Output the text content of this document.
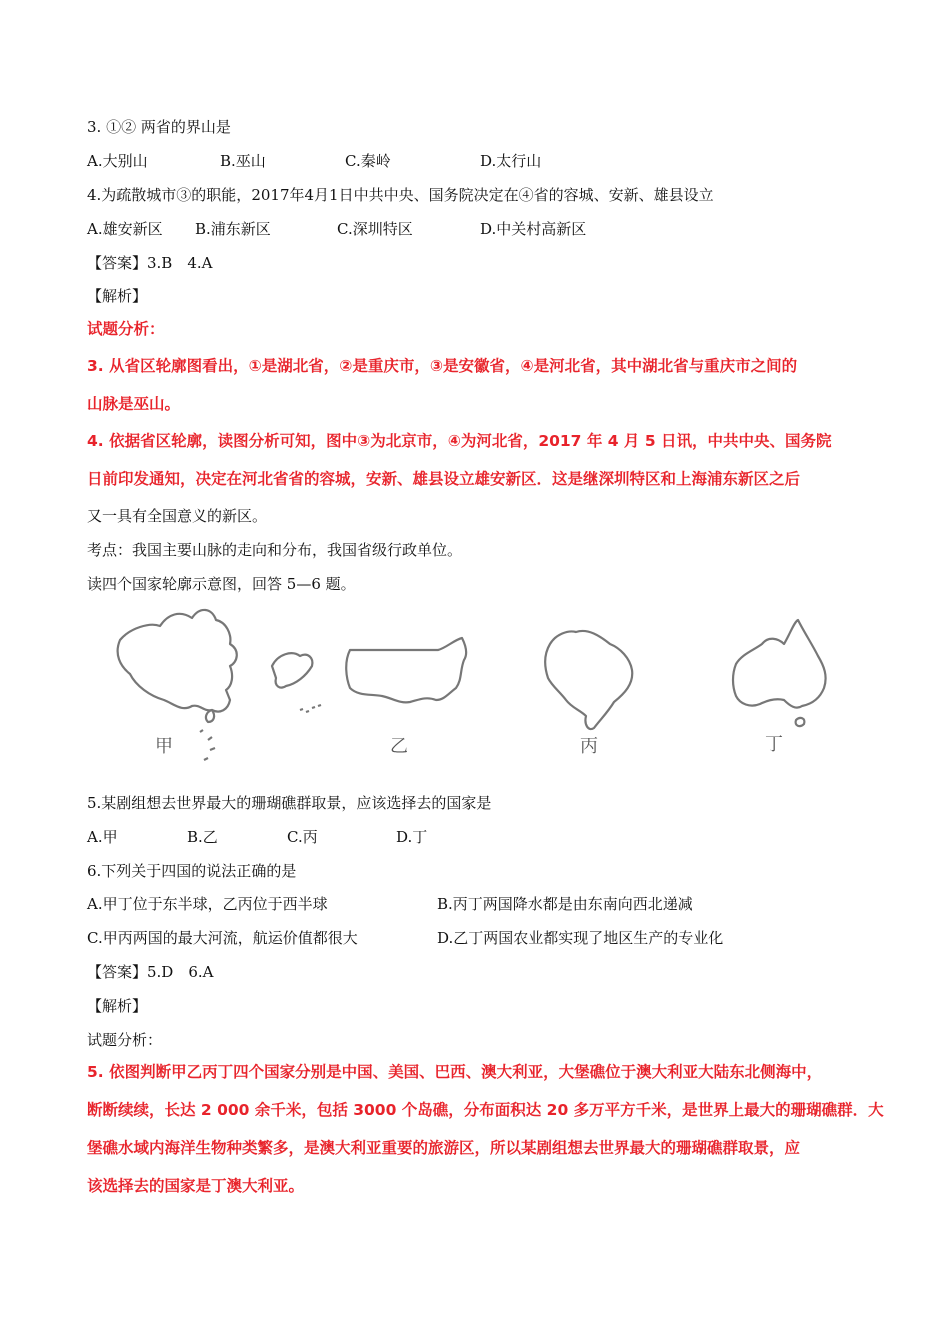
3. ①② 两省的界山是
A.大别山	B.巫山	C.秦岭	D.太行山
4.为疏散城市③的职能，2017年4月1日中共中央、国务院决定在④省的容城、安新、雄县设立
A.雄安新区 B.浦东新区	C.深圳特区	D.中关村高新区
【答案】3.B　4.A
【解析】
试题分析：
3. 从省区轮廓图看出，①是湖北省，②是重庆市，③是安徽省，④是河北省，其中湖北省与重庆市之间的
山脉是巫山。
4. 依据省区轮廓，读图分析可知，图中③为北京市，④为河北省，2017 年 4 月 5 日讯，中共中央、国务院
日前印发通知，决定在河北省省的容城，安新、雄县设立雄安新区．这是继深圳特区和上海浦东新区之后
又一具有全国意义的新区。
考点：我国主要山脉的走向和分布，我国省级行政单位。
读四个国家轮廓示意图，回答 5—6 题。
甲	乙	丙	丁
5.某剧组想去世界最大的珊瑚礁群取景，应该选择去的国家是
A.甲	B.乙	C.丙	D.丁
6.下列关于四国的说法正确的是
A.甲丁位于东半球，乙丙位于西半球	B.丙丁两国降水都是由东南向西北递减
C.甲丙两国的最大河流，航运价值都很大	D.乙丁两国农业都实现了地区生产的专业化
【答案】5.D　6.A
【解析】
试题分析：
5. 依图判断甲乙丙丁四个国家分别是中国、美国、巴西、澳大利亚，大堡礁位于澳大利亚大陆东北侧海中，
断断续续，长达 2 000 余千米，包括 3000 个岛礁，分布面积达 20 多万平方千米，是世界上最大的珊瑚礁群．大
堡礁水域内海洋生物种类繁多，是澳大利亚重要的旅游区，所以某剧组想去世界最大的珊瑚礁群取景，应
该选择去的国家是丁澳大利亚。
